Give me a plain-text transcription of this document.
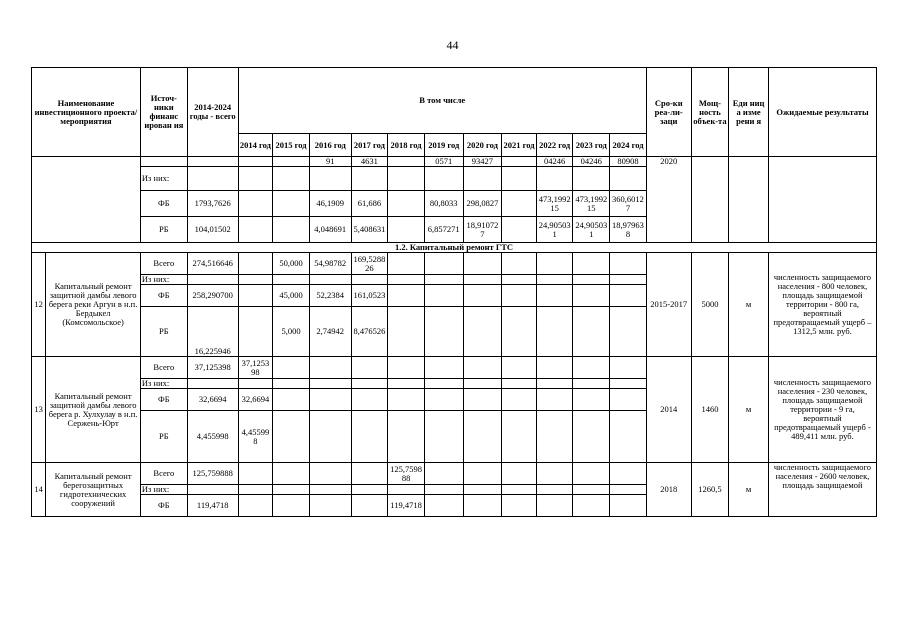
44
Наименование инвестиционного проекта/мероприятия		Источ-ники финанс ирован ия	2014-2024 годы - всего	В том числе											Сро-ки реа-ли-заци	Мощ-ность объек-та	Еди ниц а изме рени я	Ожидаемые результаты
				2014 год	2015 год	2016 год	2017 год	2018 год	2019 год	2020 год	2021 год	2022 год	2023 год	2024 год				
						91	4631		0571	93427		04246	04246	80908	2020			
		Из них:																
		ФБ	1793,7626			46,1909	61,686		80,8033	298,0827		473,199215	473,199215	360,60127				
		РБ	104,01502			4,048691	5,408631		6,857271	18,910727		24,905031	24,905031	18,979638				
1.2. Капитальный ремонт ГТС																		
12	Капитальный ремонт защитной дамбы левого берега реки Аргун в н.п. Бердыкел (Комсомольское)	Всего	274,516646		50,000	54,98782	169,528826								2015-2017	5000	м	численность защищаемого населения - 800 человек, площадь защищаемой территории - 800 га, вероятный предотвращаемый ущерб – 1312,5 млн. руб.
		Из них:																
		ФБ	258,290700		45,000	52,2384	161,0523											
		РБ	16,225946		5,000	2,74942	8,476526											
13	Капитальный ремонт защитной дамбы левого берега р. Хулхулау в н.п. Сержень-Юрт	Всего	37,125398	37,125398											2014	1460	м	численность защищаемого населения - 230 человек, площадь защищаемой территории - 9 га, вероятный предотвращаемый ущерб - 489,411 млн. руб.
		Из них:																
		ФБ	32,6694	32,6694														
		РБ	4,455998	4,455998														
14	Капитальный ремонт берегозащитных гидротехнических сооружений	Всего	125,759888					125,759888							2018	1260,5	м	численность защищаемого населения - 2600 человек, площадь защищаемой
		Из них:																
		ФБ	119,4718					119,4718										
